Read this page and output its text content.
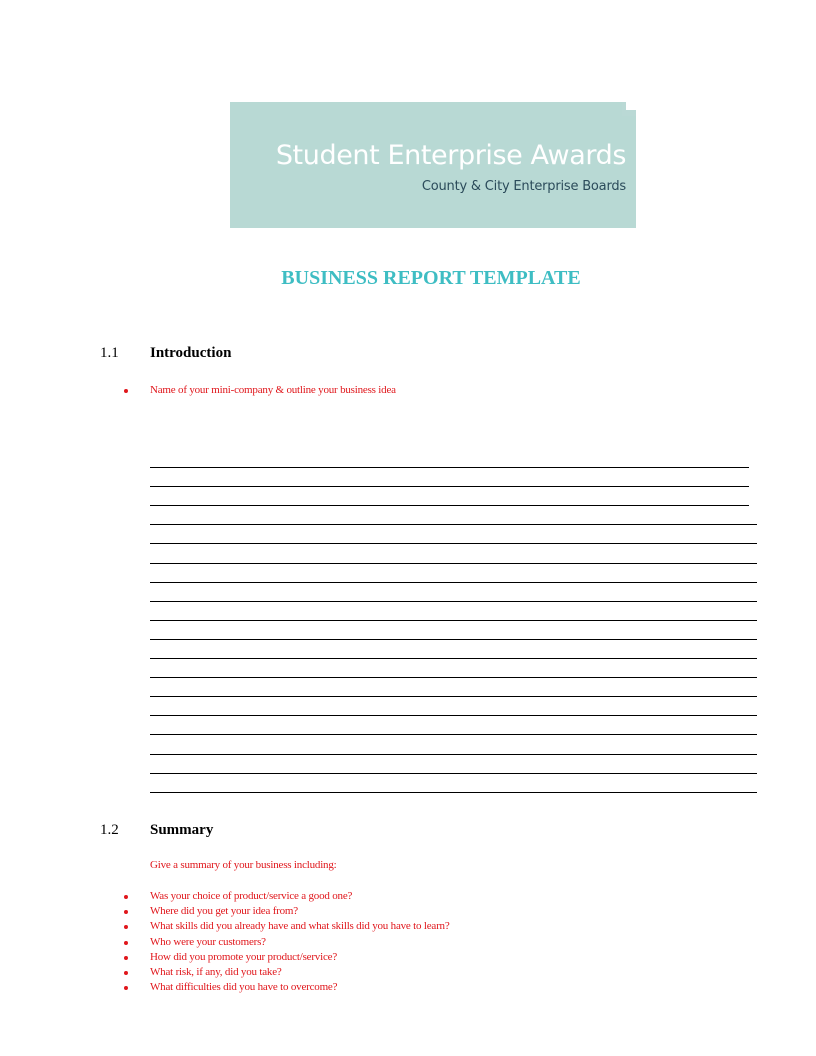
Student Enterprise Awards
County & City Enterprise Boards
BUSINESS REPORT TEMPLATE
1.1 Introduction
Name of your mini-company & outline your business idea
1.2 Summary
Give a summary of your business including:
Was your choice of product/service a good one?
Where did you get your idea from?
What skills did you already have and what skills did you have to learn?
Who were your customers?
How did you promote your product/service?
What risk, if any, did you take?
What difficulties did you have to overcome?
